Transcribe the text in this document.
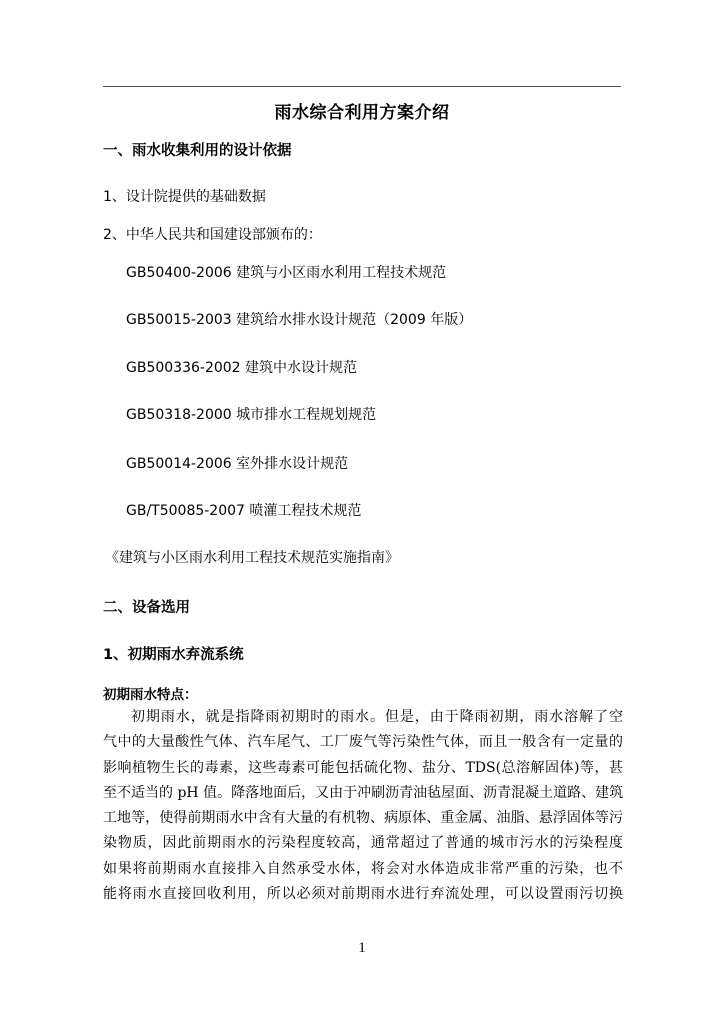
雨水综合利用方案介绍
一、雨水收集利用的设计依据
1、设计院提供的基础数据
2、中华人民共和国建设部颁布的：
GB50400-2006 建筑与小区雨水利用工程技术规范
GB50015-2003 建筑给水排水设计规范（2009 年版）
GB500336-2002 建筑中水设计规范
GB50318-2000 城市排水工程规划规范
GB50014-2006 室外排水设计规范
GB/T50085-2007 喷灌工程技术规范
《建筑与小区雨水利用工程技术规范实施指南》
二、设备选用
1、初期雨水弃流系统
初期雨水特点：

初期雨水，就是指降雨初期时的雨水。但是，由于降雨初期，雨水溶解了空

气中的大量酸性气体、汽车尾气、工厂废气等污染性气体，而且一般含有一定量的

影响植物生长的毒素，这些毒素可能包括硫化物、盐分、TDS(总溶解固体)等，甚

至不适当的 pH 值。降落地面后，又由于冲刷沥青油毡屋面、沥青混凝土道路、建筑

工地等，使得前期雨水中含有大量的有机物、病原体、重金属、油脂、悬浮固体等污

染物质，因此前期雨水的污染程度较高，通常超过了普通的城市污水的污染程度

如果将前期雨水直接排入自然承受水体，将会对水体造成非常严重的污染，也不

能将雨水直接回收利用，所以必须对前期雨水进行弃流处理，可以设置雨污切换

1
